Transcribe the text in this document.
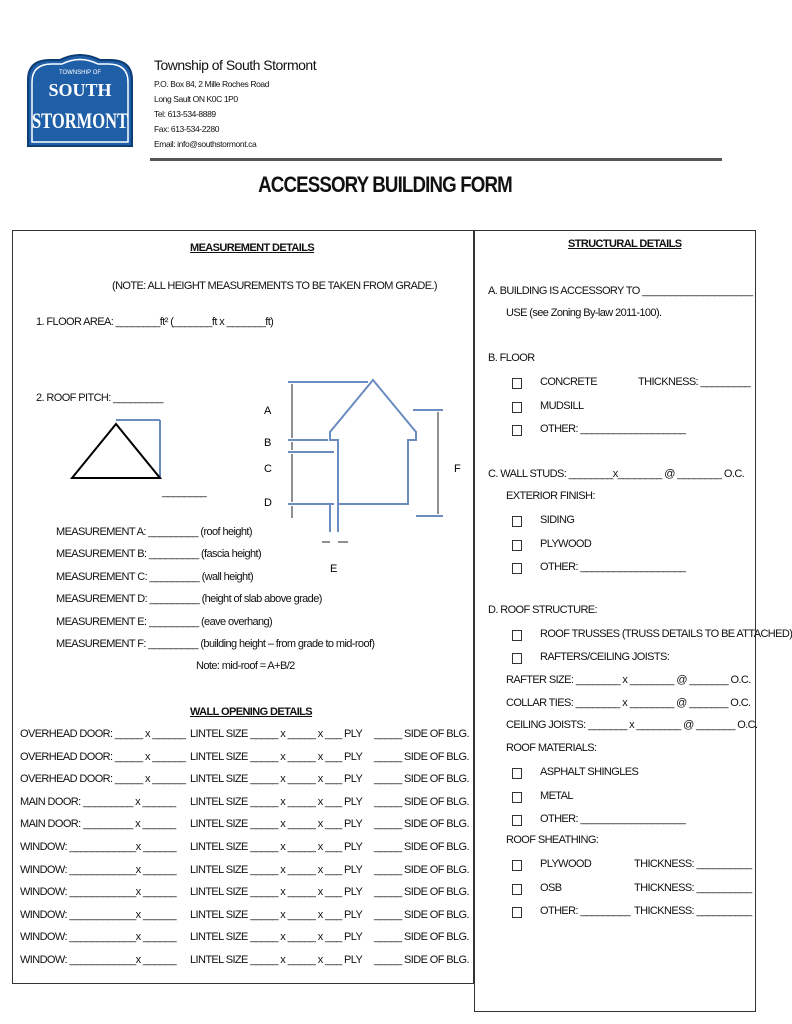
TOWNSHIP OF
SOUTH
STORMONT
Township of South Stormont
P.O. Box 84, 2 Mille Roches Road
Long Sault ON K0C 1P0
Tel: 613-534-8889
Fax: 613-534-2280
Email: info@southstormont.ca
ACCESSORY BUILDING FORM
MEASUREMENT DETAILS
(NOTE: ALL HEIGHT MEASUREMENTS TO BE TAKEN FROM GRADE.)
1. FLOOR AREA: ________ft² (_______ft x _______ft)
2. ROOF PITCH: _________
________
A
B
C
D
E
F
MEASUREMENT A: _________ (roof height)
MEASUREMENT B: _________ (fascia height)
MEASUREMENT C: _________ (wall height)
MEASUREMENT D: _________ (height of slab above grade)
MEASUREMENT E: _________ (eave overhang)
MEASUREMENT F: _________ (building height – from grade to mid-roof)
Note: mid-roof = A+B/2
WALL OPENING DETAILS
OVERHEAD DOOR: _____ x ______ LINTEL SIZE _____ x _____ x ___ PLY _____ SIDE OF BLG.
OVERHEAD DOOR: _____ x ______ LINTEL SIZE _____ x _____ x ___ PLY _____ SIDE OF BLG.
OVERHEAD DOOR: _____ x ______ LINTEL SIZE _____ x _____ x ___ PLY _____ SIDE OF BLG.
MAIN DOOR: _________ x ______ LINTEL SIZE _____ x _____ x ___ PLY _____ SIDE OF BLG.
MAIN DOOR: _________ x ______ LINTEL SIZE _____ x _____ x ___ PLY _____ SIDE OF BLG.
WINDOW: ____________x ______ LINTEL SIZE _____ x _____ x ___ PLY _____ SIDE OF BLG.
WINDOW: ____________x ______ LINTEL SIZE _____ x _____ x ___ PLY _____ SIDE OF BLG.
WINDOW: ____________x ______ LINTEL SIZE _____ x _____ x ___ PLY _____ SIDE OF BLG.
WINDOW: ____________x ______ LINTEL SIZE _____ x _____ x ___ PLY _____ SIDE OF BLG.
WINDOW: ____________x ______ LINTEL SIZE _____ x _____ x ___ PLY _____ SIDE OF BLG.
WINDOW: ____________x ______ LINTEL SIZE _____ x _____ x ___ PLY _____ SIDE OF BLG.
STRUCTURAL DETAILS
A. BUILDING IS ACCESSORY TO ____________________
USE (see Zoning By-law 2011-100).
B. FLOOR
CONCRETE
MUDSILL
OTHER: ___________________
THICKNESS: _________
C. WALL STUDS: ________x________ @ ________ O.C.
EXTERIOR FINISH:
SIDING
PLYWOOD
OTHER: ___________________
D. ROOF STRUCTURE:
ROOF TRUSSES (TRUSS DETAILS TO BE ATTACHED)
RAFTERS/CEILING JOISTS:
RAFTER SIZE: ________ x ________ @ _______ O.C.
COLLAR TIES: ________ x ________ @ _______ O.C.
CEILING JOISTS: _______ x ________ @ _______ O.C.
ROOF MATERIALS:
ASPHALT SHINGLES
METAL
OTHER: ___________________
ROOF SHEATHING:
PLYWOOD	THICKNESS: __________
OSB	THICKNESS: __________
OTHER: _________ THICKNESS: __________
